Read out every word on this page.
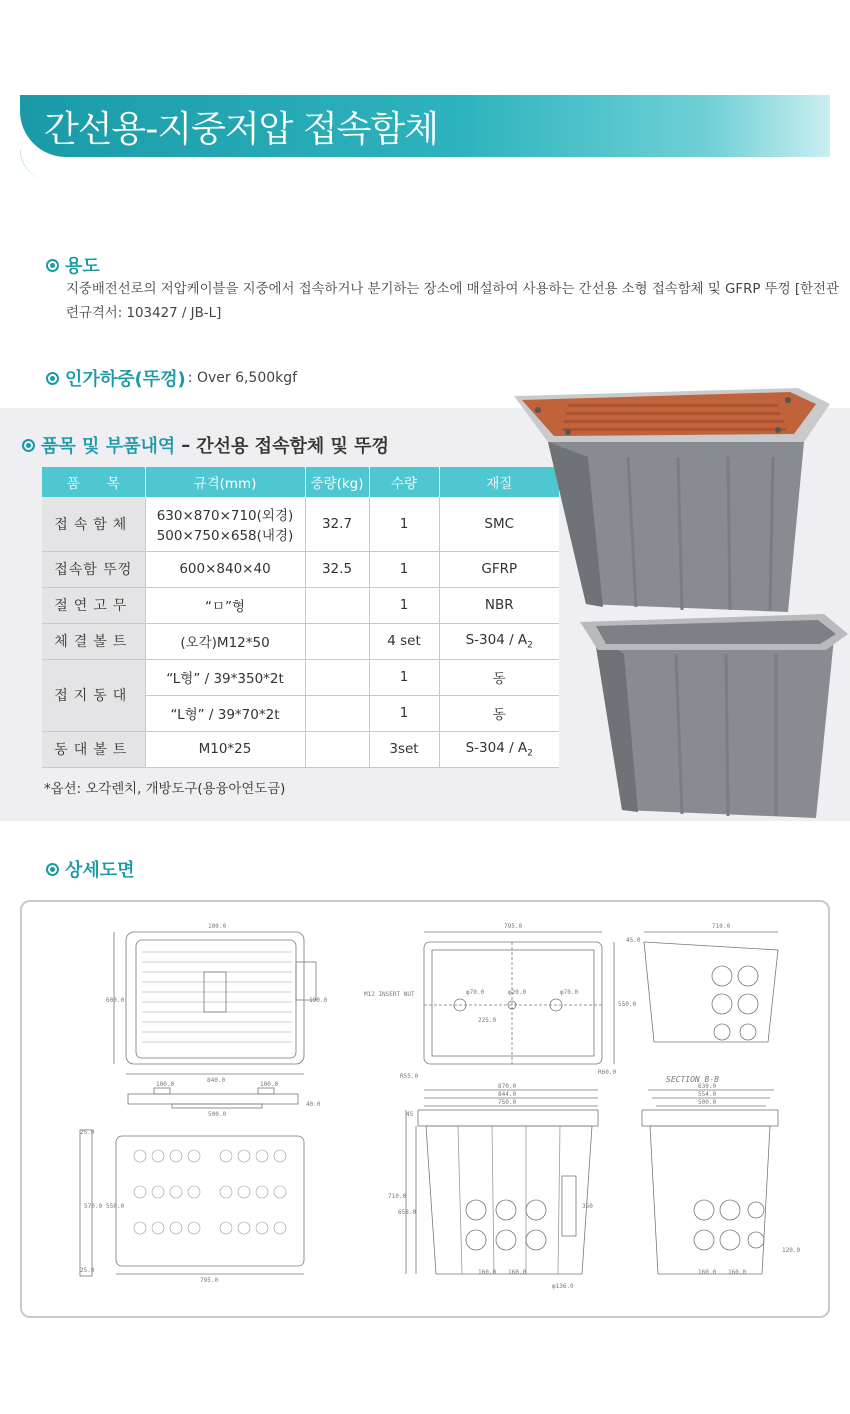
간선용-지중저압 접속함체
용도
지중배전선로의 저압케이블을 지중에서 접속하거나 분기하는 장소에 매설하여 사용하는 간선용 소형 접속함체 및 GFRP 뚜껑 [한전관련규격서: 103427 / JB-L]
인가하중(뚜껑) : Over 6,500kgf
품목 및 부품내역 – 간선용 접속함체 및 뚜껑
품　　목	규격(mm)	중량(kg)	수량	재질
접속함체	630×870×710(외경)
500×750×658(내경)	32.7	1	SMC
접속함 뚜껑	600×840×40	32.5	1	GFRP
절연고무	“ㅁ”형		1	NBR
체결볼트	(오각)M12*50		4 set	$S-304 / A_2$
접지동대	“L형” / 39*350*2t		1	동
	“L형” / 39*70*2t		1	동
동대볼트	M10*25		3set	$S-304 / A_2$
*옵션: 오각렌치, 개방도구(용융아연도금)
상세도면
600.0
840.0
100.0
190.0
100.0	100.0
500.0
40.0
795.0
570.0 550.0
25.0
25.0
795.0
550.0
M12 INSERT NUT	φ70.0	φ20.0	φ70.0
225.0
R55.0
R60.0
710.0
45.0
SECTION B-B
870.0
844.0
750.0
710.0
658.0
45
160.0 160.0
φ136.0
350
630.0
554.0
500.0
160.0 160.0
120.0
